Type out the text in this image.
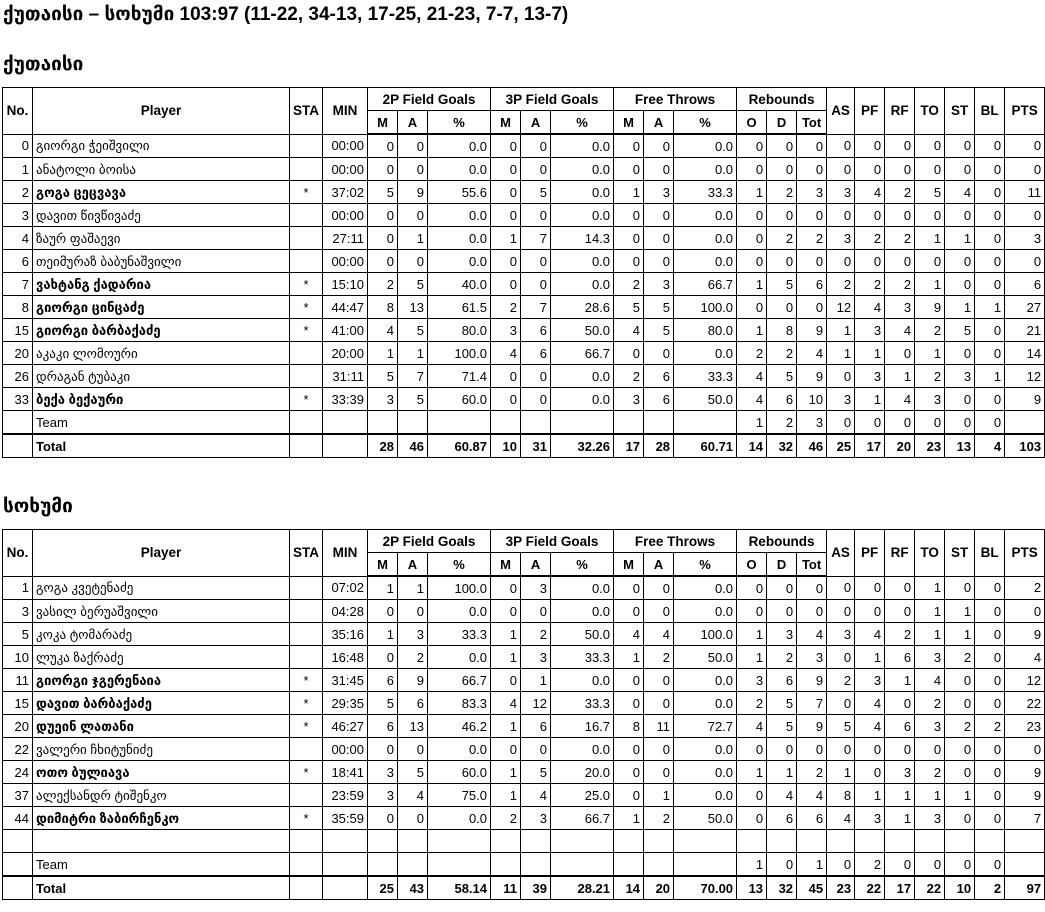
ქუთაისი – სოხუმი 103:97 (11-22, 34-13, 17-25, 21-23, 7-7, 13-7)
ქუთაისი
No.	Player	STA	MIN	2P Field Goals			3P Field Goals			Free Throws			Rebounds			AS	PF	RF	TO	ST	BL	PTS
				M	A	%	M	A	%	M	A	%	O	D	Tot							
0	გიორგი ჭეიშვილი		00:00	0	0	0.0	0	0	0.0	0	0	0.0	0	0	0	0	0	0	0	0	0	0
1	ანატოლი ბოისა		00:00	0	0	0.0	0	0	0.0	0	0	0.0	0	0	0	0	0	0	0	0	0	0
2	გოგა ცეცვავა	*	37:02	5	9	55.6	0	5	0.0	1	3	33.3	1	2	3	3	4	2	5	4	0	11
3	დავით წივწივაძე		00:00	0	0	0.0	0	0	0.0	0	0	0.0	0	0	0	0	0	0	0	0	0	0
4	ზაურ ფაშაევი		27:11	0	1	0.0	1	7	14.3	0	0	0.0	0	2	2	3	2	2	1	1	0	3
6	თეიმურაზ ბაბუნაშვილი		00:00	0	0	0.0	0	0	0.0	0	0	0.0	0	0	0	0	0	0	0	0	0	0
7	ვახტანგ ქადარია	*	15:10	2	5	40.0	0	0	0.0	2	3	66.7	1	5	6	2	2	2	1	0	0	6
8	გიორგი ცინცაძე	*	44:47	8	13	61.5	2	7	28.6	5	5	100.0	0	0	0	12	4	3	9	1	1	27
15	გიორგი ბარბაქაძე	*	41:00	4	5	80.0	3	6	50.0	4	5	80.0	1	8	9	1	3	4	2	5	0	21
20	აკაკი ლომოური		20:00	1	1	100.0	4	6	66.7	0	0	0.0	2	2	4	1	1	0	1	0	0	14
26	დრაგან ტუბაკი		31:11	5	7	71.4	0	0	0.0	2	6	33.3	4	5	9	0	3	1	2	3	1	12
33	ბექა ბექაური	*	33:39	3	5	60.0	0	0	0.0	3	6	50.0	4	6	10	3	1	4	3	0	0	9
	Team												1	2	3	0	0	0	0	0	0	
	Total			28	46	60.87	10	31	32.26	17	28	60.71	14	32	46	25	17	20	23	13	4	103
სოხუმი
No.	Player	STA	MIN	2P Field Goals			3P Field Goals			Free Throws			Rebounds			AS	PF	RF	TO	ST	BL	PTS
				M	A	%	M	A	%	M	A	%	O	D	Tot							
1	გოგა კვეტენაძე		07:02	1	1	100.0	0	3	0.0	0	0	0.0	0	0	0	0	0	0	1	0	0	2
3	ვასილ ბერუაშვილი		04:28	0	0	0.0	0	0	0.0	0	0	0.0	0	0	0	0	0	0	1	1	0	0
5	კოკა ტომარაძე		35:16	1	3	33.3	1	2	50.0	4	4	100.0	1	3	4	3	4	2	1	1	0	9
10	ლუკა ზაქრაძე		16:48	0	2	0.0	1	3	33.3	1	2	50.0	1	2	3	0	1	6	3	2	0	4
11	გიორგი ჯგერენაია	*	31:45	6	9	66.7	0	1	0.0	0	0	0.0	3	6	9	2	3	1	4	0	0	12
15	დავით ბარბაქაძე	*	29:35	5	6	83.3	4	12	33.3	0	0	0.0	2	5	7	0	4	0	2	0	0	22
20	დუეინ ლათანი	*	46:27	6	13	46.2	1	6	16.7	8	11	72.7	4	5	9	5	4	6	3	2	2	23
22	ვალერი ჩხიტუნიძე		00:00	0	0	0.0	0	0	0.0	0	0	0.0	0	0	0	0	0	0	0	0	0	0
24	ოთო ბულიავა	*	18:41	3	5	60.0	1	5	20.0	0	0	0.0	1	1	2	1	0	3	2	0	0	9
37	ალექსანდრ ტიშენკო		23:59	3	4	75.0	1	4	25.0	0	1	0.0	0	4	4	8	1	1	1	1	0	9
44	დიმიტრი ზაბირჩენკო	*	35:59	0	0	0.0	2	3	66.7	1	2	50.0	0	6	6	4	3	1	3	0	0	7

	Team												1	0	1	0	2	0	0	0	0	
	Total			25	43	58.14	11	39	28.21	14	20	70.00	13	32	45	23	22	17	22	10	2	97
